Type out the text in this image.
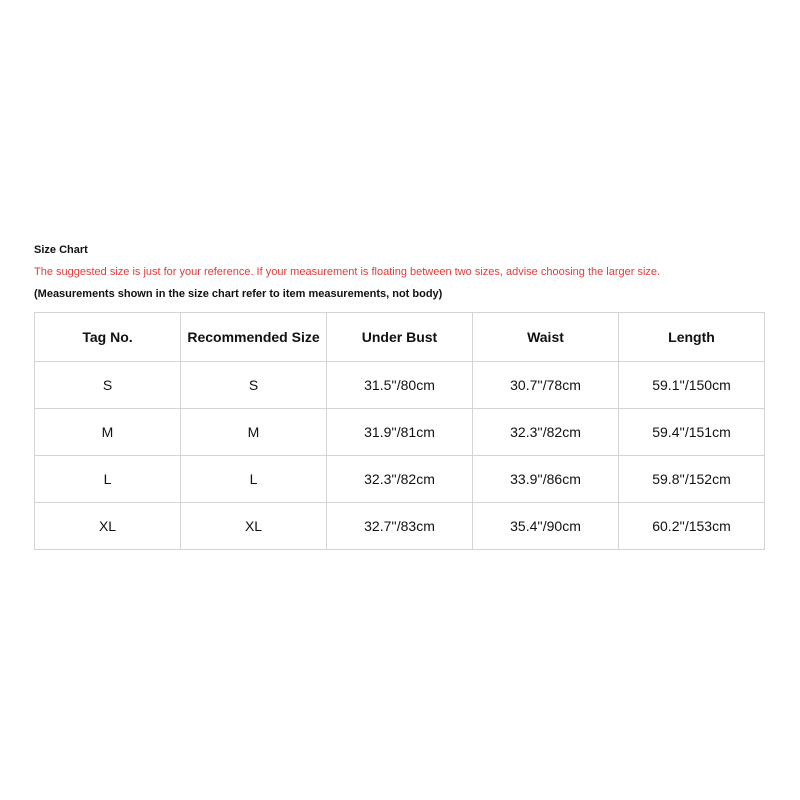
Size Chart

The suggested size is just for your reference. If your measurement is floating between two sizes, advise choosing the larger size.

(Measurements shown in the size chart refer to item measurements, not body)

Tag No.	Recommended Size	Under Bust	Waist	Length
S	S	31.5''/80cm	30.7''/78cm	59.1''/150cm
M	M	31.9''/81cm	32.3''/82cm	59.4''/151cm
L	L	32.3''/82cm	33.9''/86cm	59.8''/152cm
XL	XL	32.7''/83cm	35.4''/90cm	60.2''/153cm
